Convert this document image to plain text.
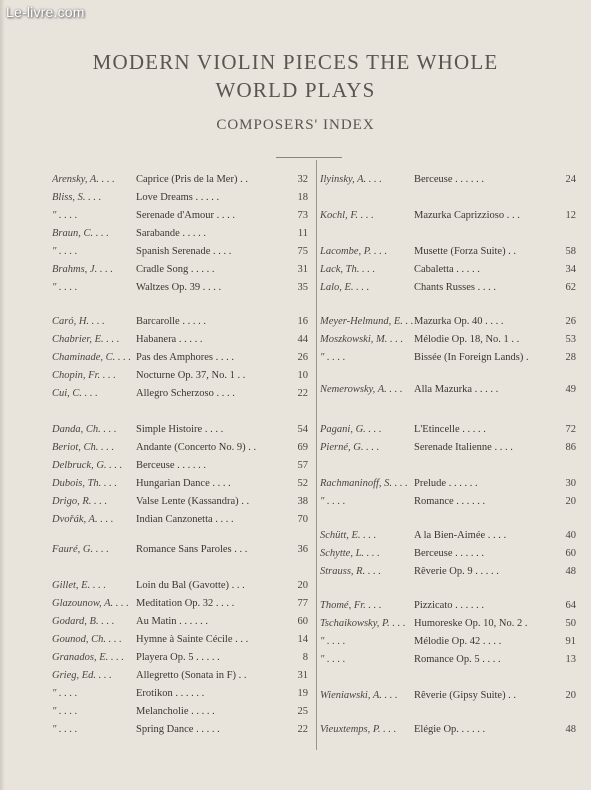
Le-livre.com
MODERN VIOLIN PIECES THE WHOLE
WORLD PLAYS
COMPOSERS' INDEX
Arensky, A. . . .	Caprice (Pris de la Mer) . .	32
Bliss, S. . . .	Love Dreams . . . . .	18
" . . . .	Serenade d'Amour . . . .	73
Braun, C. . . .	Sarabande . . . . .	11
" . . . .	Spanish Serenade . . . .	75
Brahms, J. . . .	Cradle Song . . . . .	31
" . . . .	Waltzes Op. 39 . . . .	35
Caró, H. . . .	Barcarolle . . . . .	16
Chabrier, E. . . .	Habanera . . . . .	44
Chaminade, C. . . . Pas des Amphores . . . .	26
Chopin, Fr. . . .	Nocturne Op. 37, No. 1 . .	10
Cui, C. . . .	Allegro Scherzoso . . . .	22
Danda, Ch. . . .	Simple Histoire . . . .	54
Beriot, Ch. . . .	Andante (Concerto No. 9) . .	69
Delbruck, G. . . .	Berceuse . . . . . .	57
Dubois, Th. . . .	Hungarian Dance . . . .	52
Drigo, R. . . .	Valse Lente (Kassandra) . .	38
Dvořák, A. . . .	Indian Canzonetta . . . .	70
Fauré, G. . . .	Romance Sans Paroles . . .	36
Gillet, E. . . .	Loin du Bal (Gavotte) . . .	20
Glazounow, A. . . . Meditation Op. 32 . . . .	77
Godard, B. . . .	Au Matin . . . . . .	60
Gounod, Ch. . . .	Hymne à Sainte Cécile . . .	14
Granados, E. . . .	Playera Op. 5 . . . . .	8
Grieg, Ed. . . .	Allegretto (Sonata in F) . .	31
" . . . .	Erotikon . . . . . .	19
" . . . .	Melancholie . . . . .	25
" . . . .	Spring Dance . . . . .	22
Ilyinsky, A. . . .	Berceuse . . . . . .	24
Kochl, F. . . .	Mazurka Caprizzioso . . .	12
Lacombe, P. . . .	Musette (Forza Suite) . .	58
Lack, Th. . . .	Cabaletta . . . . .	34
Lalo, E. . . .	Chants Russes . . . .	62
Meyer-Helmund, E. . . Mazurka Op. 40 . . . .	26
Moszkowski, M. . . .	Mélodie Op. 18, No. 1 . .	53
" . . . .	Bissée (In Foreign Lands) .	28
Nemerowsky, A. . . .	Alla Mazurka . . . . .	49
Pagani, G. . . .	L'Etincelle . . . . .	72
Pierné, G. . . .	Serenade Italienne . . . .	86
Rachmaninoff, S. . . . Prelude . . . . . .	30
" . . . .	Romance . . . . . .	20
Schütt, E. . . .	A la Bien-Aimée . . . .	40
Schytte, L. . . .	Berceuse . . . . . .	60
Strauss, R. . . .	Rêverie Op. 9 . . . . .	48
Thomé, Fr. . . .	Pizzicato . . . . . .	64
Tschaikowsky, P. . . . Humoreske Op. 10, No. 2 .	50
" . . . .	Mélodie Op. 42 . . . .	91
" . . . .	Romance Op. 5 . . . .	13
Wieniawski, A. . . .	Rêverie (Gipsy Suite) . .	20
Vieuxtemps, P. . . .	Elégie Op. . . . . .	48
